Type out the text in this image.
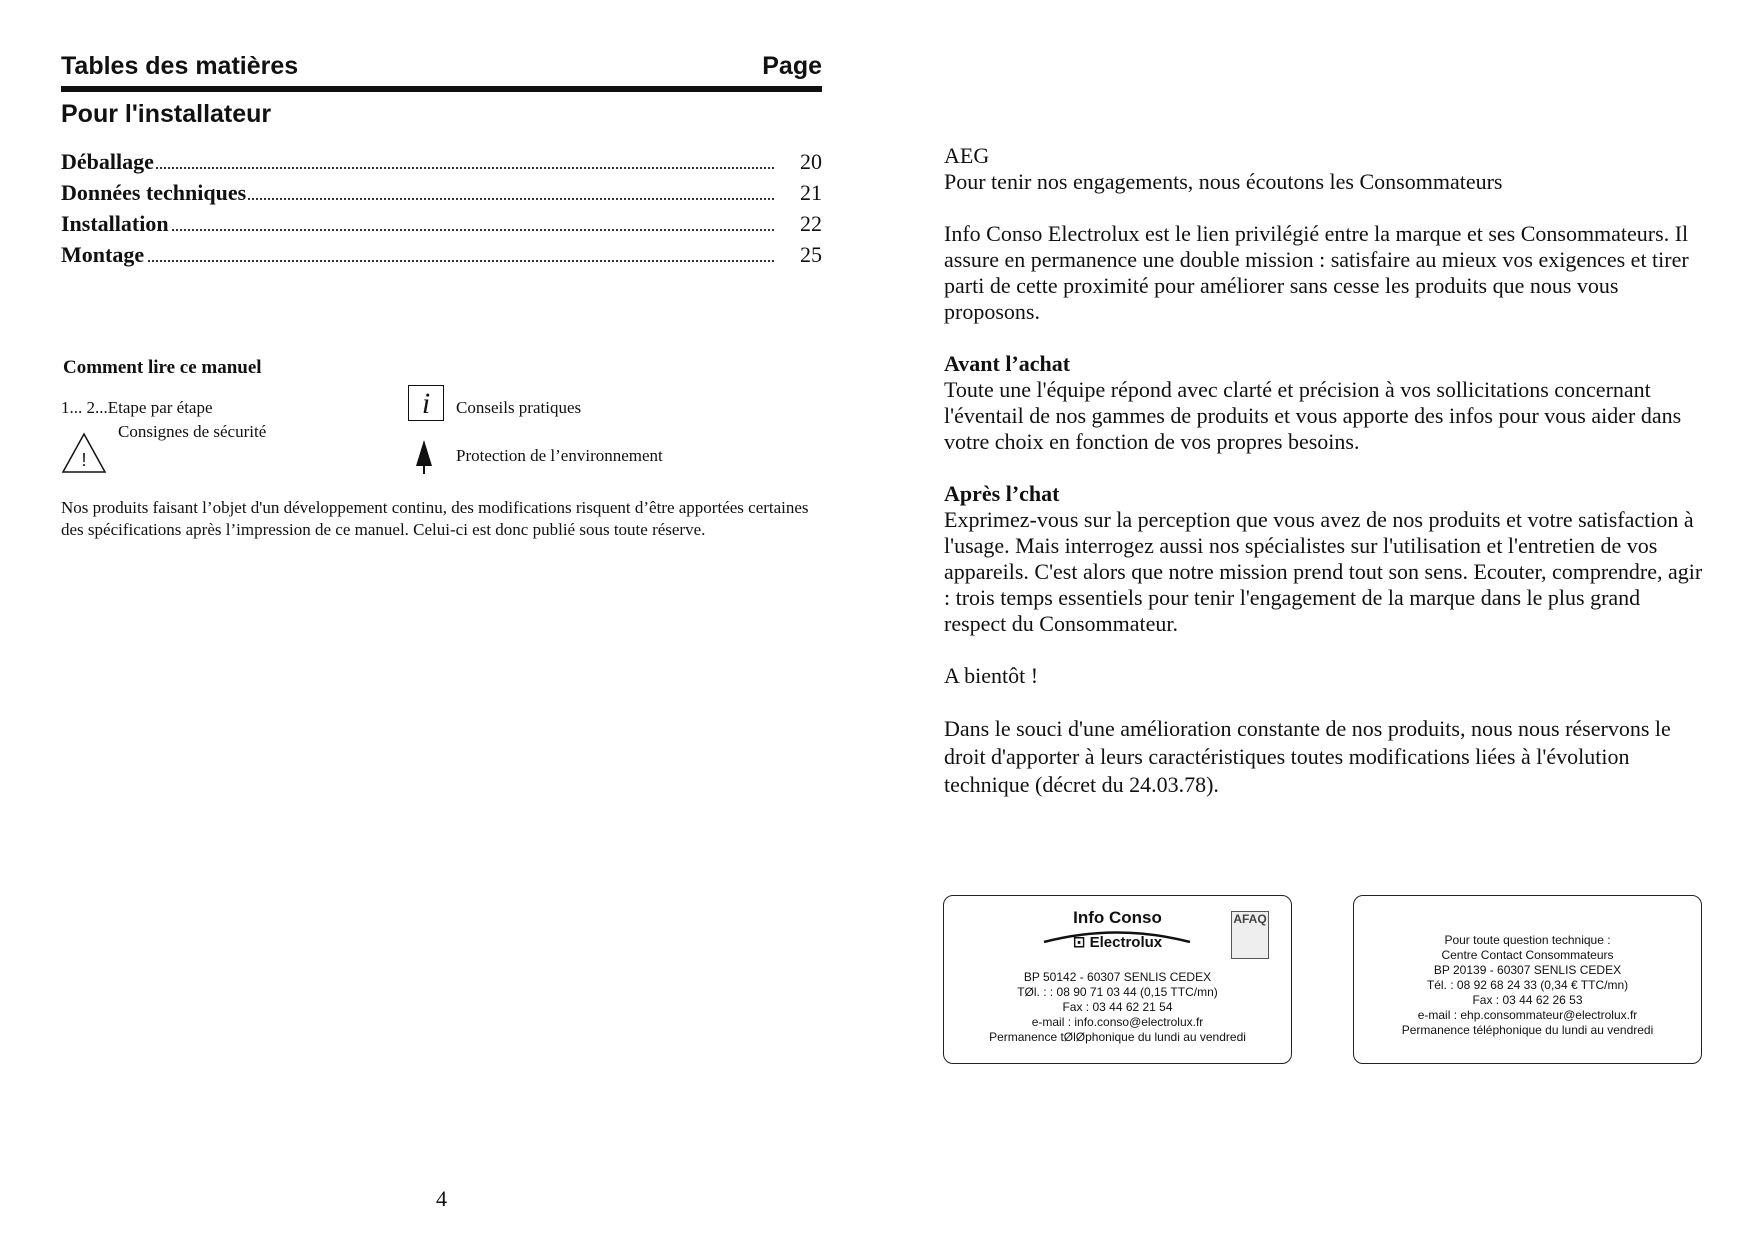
Tables des matières	Page
Pour l'installateur
Déballage	20
Données techniques	21
Installation	22
Montage	25
Comment lire ce manuel
1... 2...Etape par étape
Consignes de sécurité
!
i	Conseils pratiques
Protection de l’environnement
Nos produits faisant l’objet d'un développement continu, des modifications risquent d’être apportées certaines des spécifications après l’impression de ce manuel. Celui-ci est donc publié sous toute réserve.
4

AEG

Pour tenir nos engagements, nous écoutons les Consommateurs

Info Conso Electrolux est le lien privilégié entre la marque et ses Consommateurs. Il assure en permanence une double mission : satisfaire au mieux vos exigences et tirer parti de cette proximité pour améliorer sans cesse les produits que nous vous proposons.

Avant l’achat

Toute une l'équipe répond avec clarté et précision à vos sollicitations concernant l'éventail de nos gammes de produits et vous apporte des infos pour vous aider dans votre choix en fonction de vos propres besoins.

Après l’chat

Exprimez-vous sur la perception que vous avez de nos produits et votre satisfaction à l'usage. Mais interrogez aussi nos spécialistes sur l'utilisation et l'entretien de vos appareils. C'est alors que notre mission prend tout son sens. Ecouter, comprendre, agir : trois temps essentiels pour tenir l'engagement de la marque dans le plus grand respect du Consommateur.

A bientôt !

Dans le souci d'une amélioration constante de nos produits, nous nous réservons le droit d'apporter à leurs caractéristiques toutes modifications liées à l'évolution technique (décret du 24.03.78).

Info Conso
⊡ Electrolux
AFAQ
BP 50142 - 60307 SENLIS CEDEX
TØl. : : 08 90 71 03 44 (0,15 TTC/mn)
Fax : 03 44 62 21 54
e-mail : info.conso@electrolux.fr
Permanence tØlØphonique du lundi au vendredi
Pour toute question technique :
Centre Contact Consommateurs
BP 20139 - 60307 SENLIS CEDEX
Tél. : 08 92 68 24 33 (0,34 € TTC/mn)
Fax : 03 44 62 26 53
e-mail : ehp.consommateur@electrolux.fr
Permanence téléphonique du lundi au vendredi
